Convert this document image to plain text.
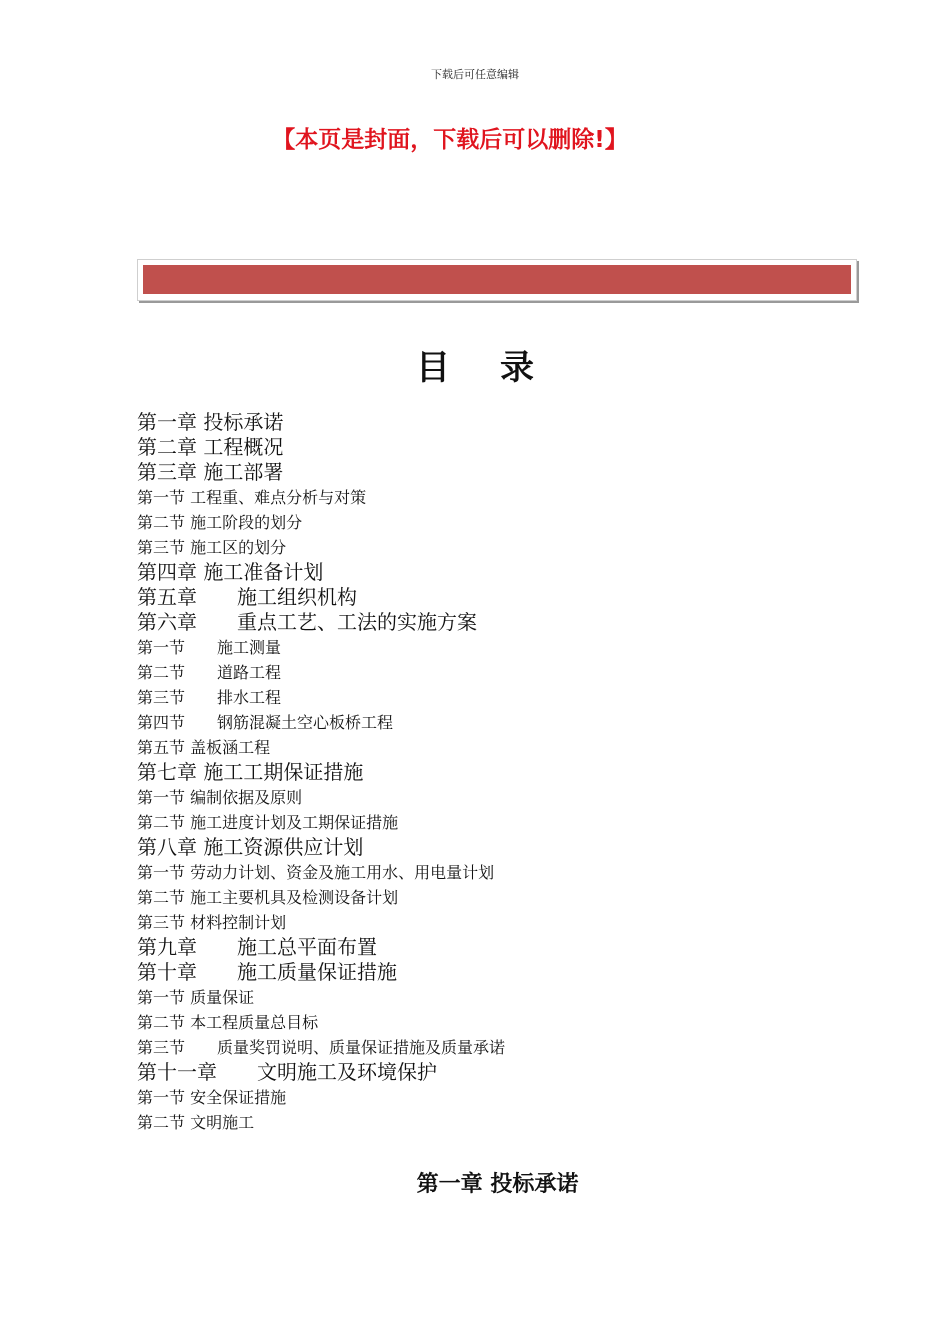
下载后可任意编辑
【本页是封面，下载后可以删除!】
目录
第一章 投标承诺
第二章 工程概况
第三章 施工部署
第一节 工程重、难点分析与对策
第二节 施工阶段的划分
第三节 施工区的划分
第四章 施工准备计划
第五章　　施工组织机构
第六章　　重点工艺、工法的实施方案
第一节　　施工测量
第二节　　道路工程
第三节　　排水工程
第四节　　钢筋混凝土空心板桥工程
第五节 盖板涵工程
第七章 施工工期保证措施
第一节 编制依据及原则
第二节 施工进度计划及工期保证措施
第八章 施工资源供应计划
第一节 劳动力计划、资金及施工用水、用电量计划
第二节 施工主要机具及检测设备计划
第三节 材料控制计划
第九章　　施工总平面布置
第十章　　施工质量保证措施
第一节 质量保证
第二节 本工程质量总目标
第三节　　质量奖罚说明、质量保证措施及质量承诺
第十一章　　文明施工及环境保护
第一节 安全保证措施
第二节 文明施工
第一章 投标承诺
